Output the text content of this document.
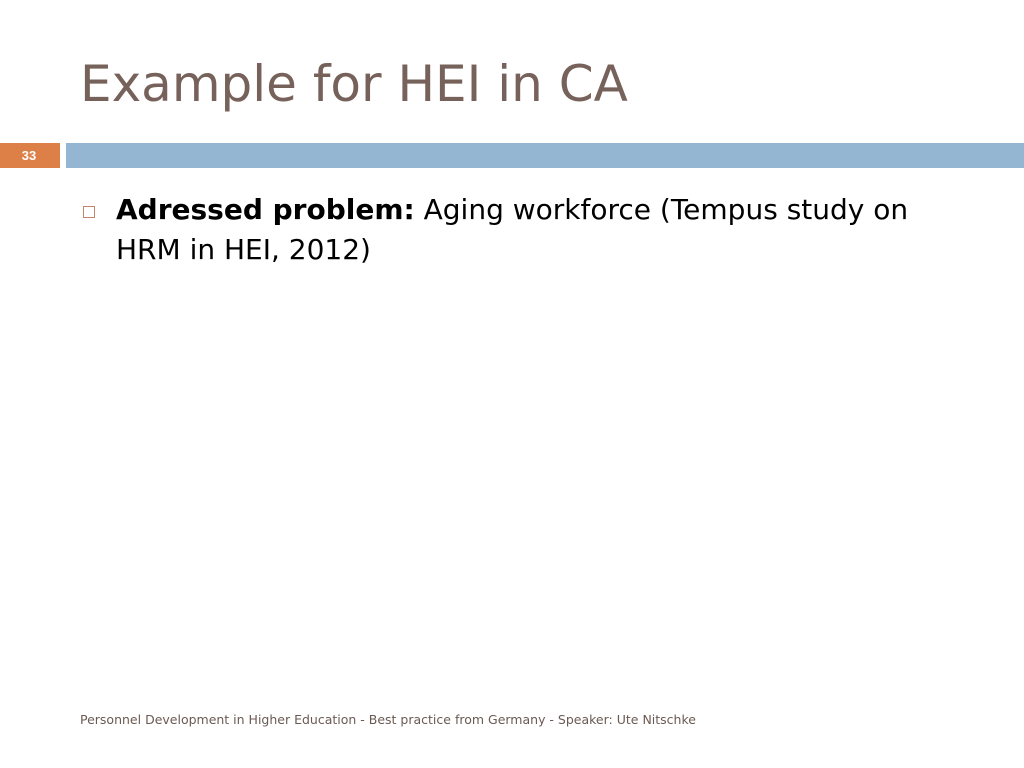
Example for HEI in CA
33
Adressed problem: Aging workforce (Tempus study on HRM in HEI, 2012)
Personnel Development in Higher Education - Best practice from Germany - Speaker: Ute Nitschke
